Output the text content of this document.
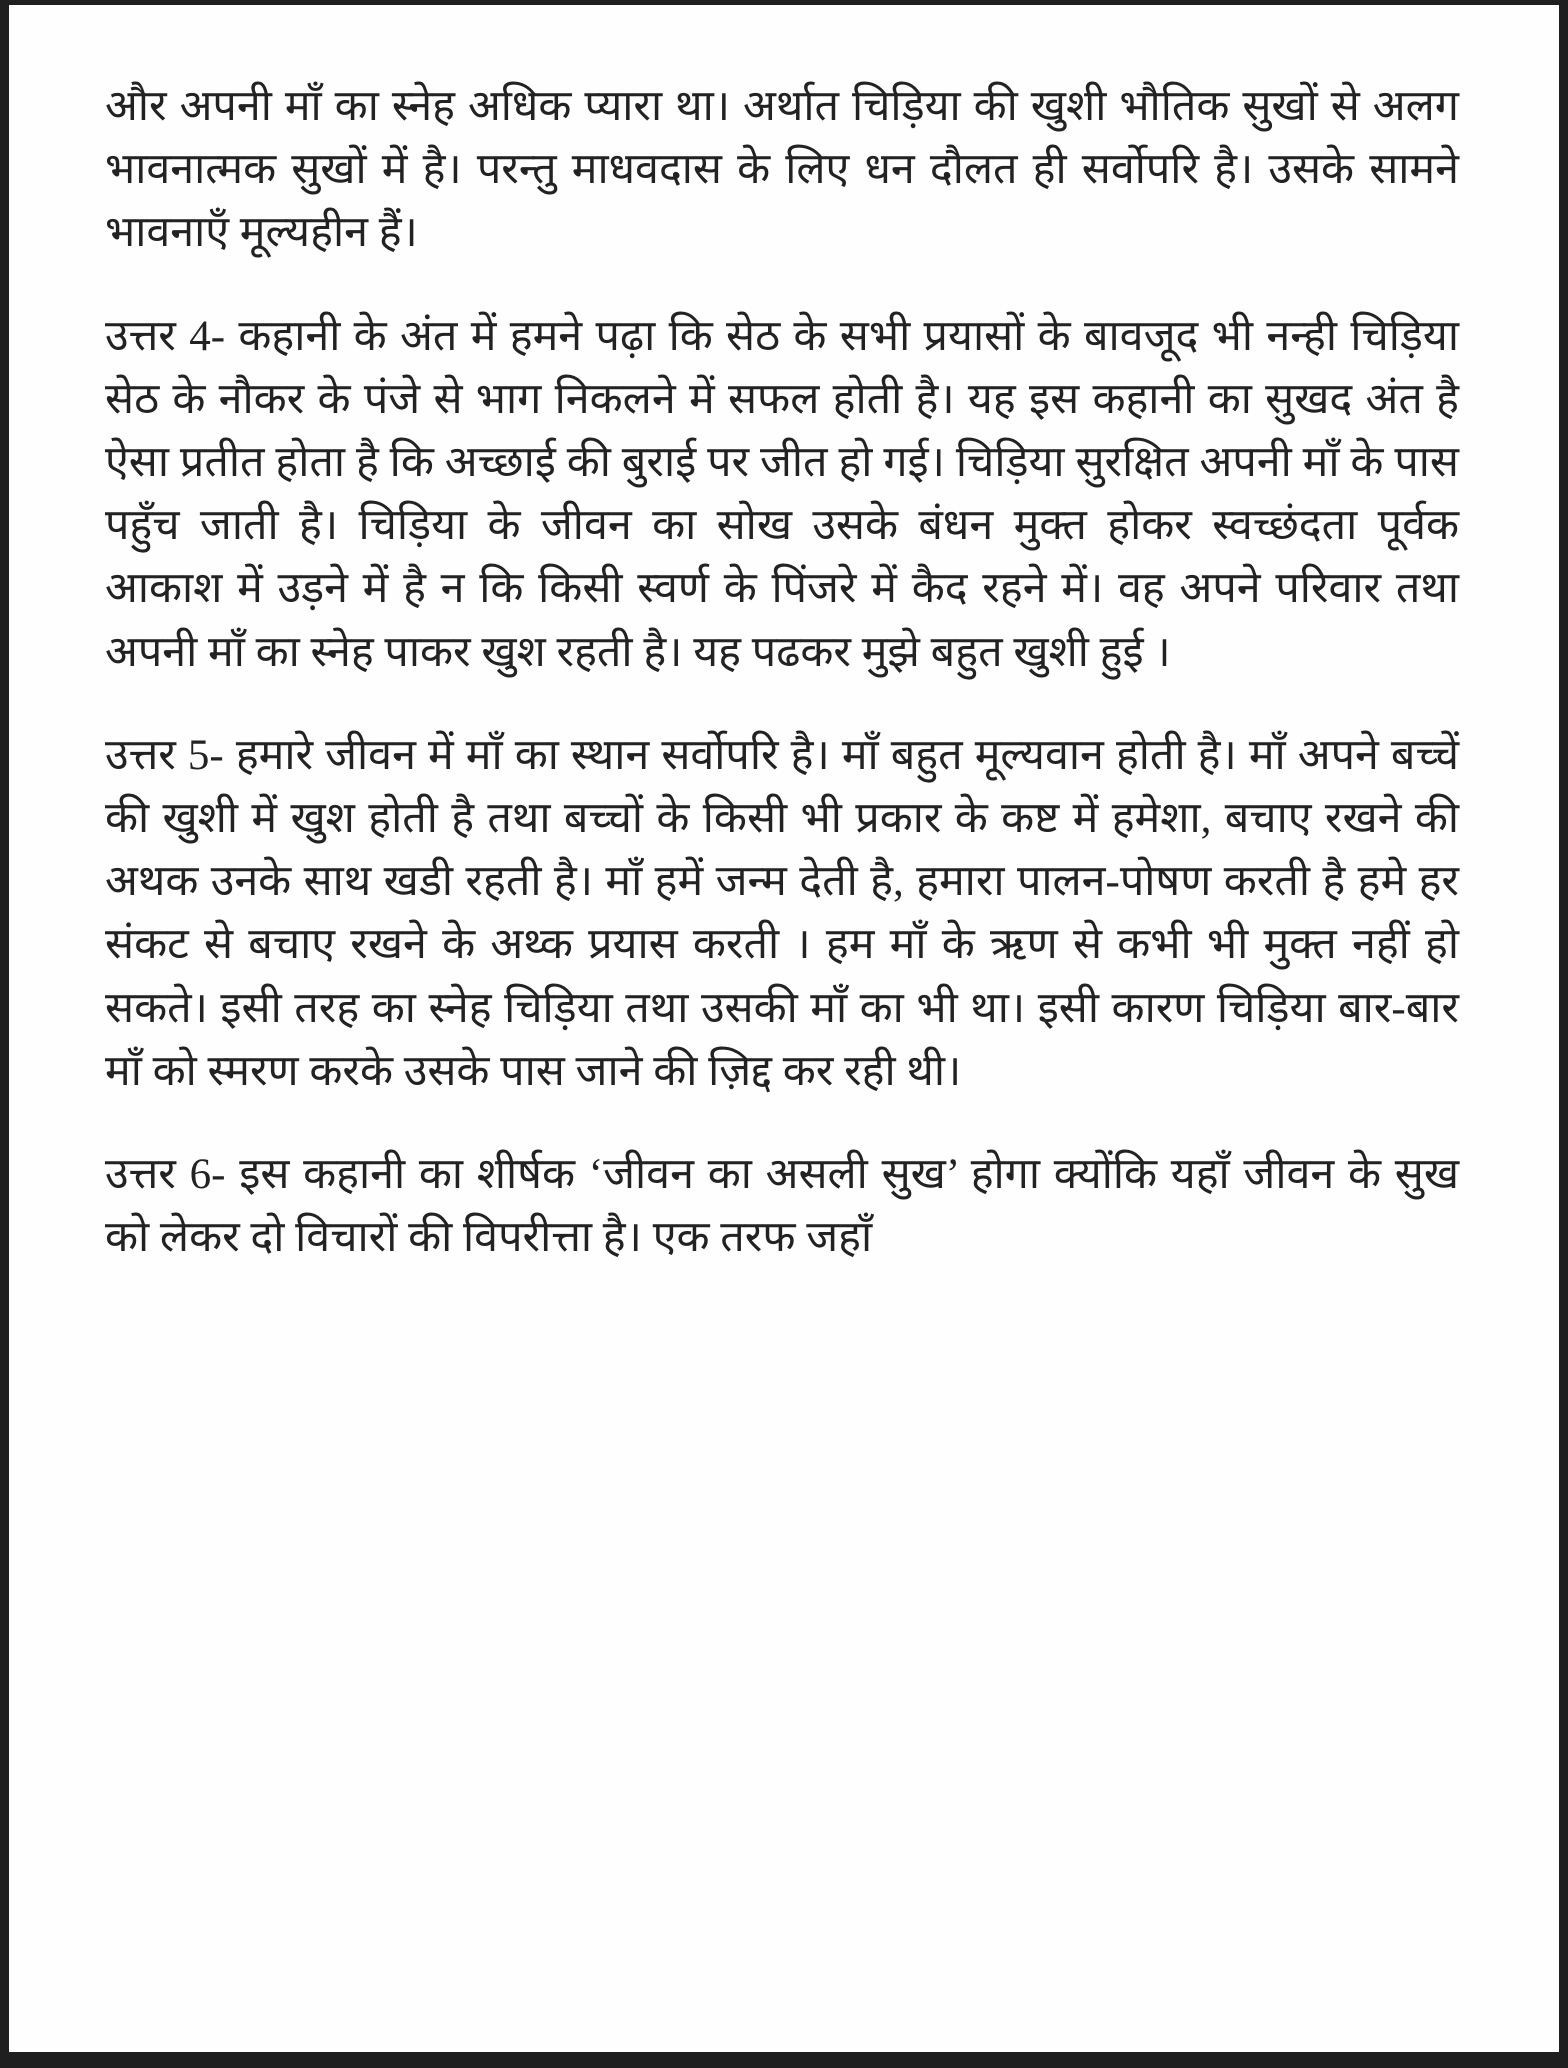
और अपनी माँ का स्नेह अधिक प्यारा था। अर्थात चिड़िया की खुशी भौतिक सुखों से अलग भावनात्मक सुखों में है। परन्तु माधवदास के लिए धन दौलत ही सर्वोपरि है। उसके सामने भावनाएँ मूल्यहीन हैं।

उत्तर 4- कहानी के अंत में हमने पढ़ा कि सेठ के सभी प्रयासों के बावजूद भी नन्ही चिड़िया सेठ के नौकर के पंजे से भाग निकलने में सफल होती है। यह इस कहानी का सुखद अंत है ऐसा प्रतीत होता है कि अच्छाई की बुराई पर जीत हो गई। चिड़िया सुरक्षित अपनी माँ के पास पहुँच जाती है। चिड़िया के जीवन का सोख उसके बंधन मुक्त होकर स्वच्छंदता पूर्वक आकाश में उड़ने में है न कि किसी स्वर्ण के पिंजरे में कैद रहने में। वह अपने परिवार तथा अपनी माँ का स्नेह पाकर खुश रहती है। यह पढकर मुझे बहुत खुशी हुई ।

उत्तर 5- हमारे जीवन में माँ का स्थान सर्वोपरि है। माँ बहुत मूल्यवान होती है। माँ अपने बच्चें की खुशी में खुश होती है तथा बच्चों के किसी भी प्रकार के कष्ट में हमेशा, बचाए रखने की अथक उनके साथ खडी रहती है। माँ हमें जन्म देती है, हमारा पालन-पोषण करती है हमे हर संकट से बचाए रखने के अथ्क प्रयास करती । हम माँ के ऋण से कभी भी मुक्त नहीं हो सकते। इसी तरह का स्नेह चिड़िया तथा उसकी माँ का भी था। इसी कारण चिड़िया बार-बार माँ को स्मरण करके उसके पास जाने की ज़िद्द कर रही थी।

उत्तर 6- इस कहानी का शीर्षक ‘जीवन का असली सुख’ होगा क्योंकि यहाँ जीवन के सुख को लेकर दो विचारों की विपरीत्ता है। एक तरफ जहाँ
